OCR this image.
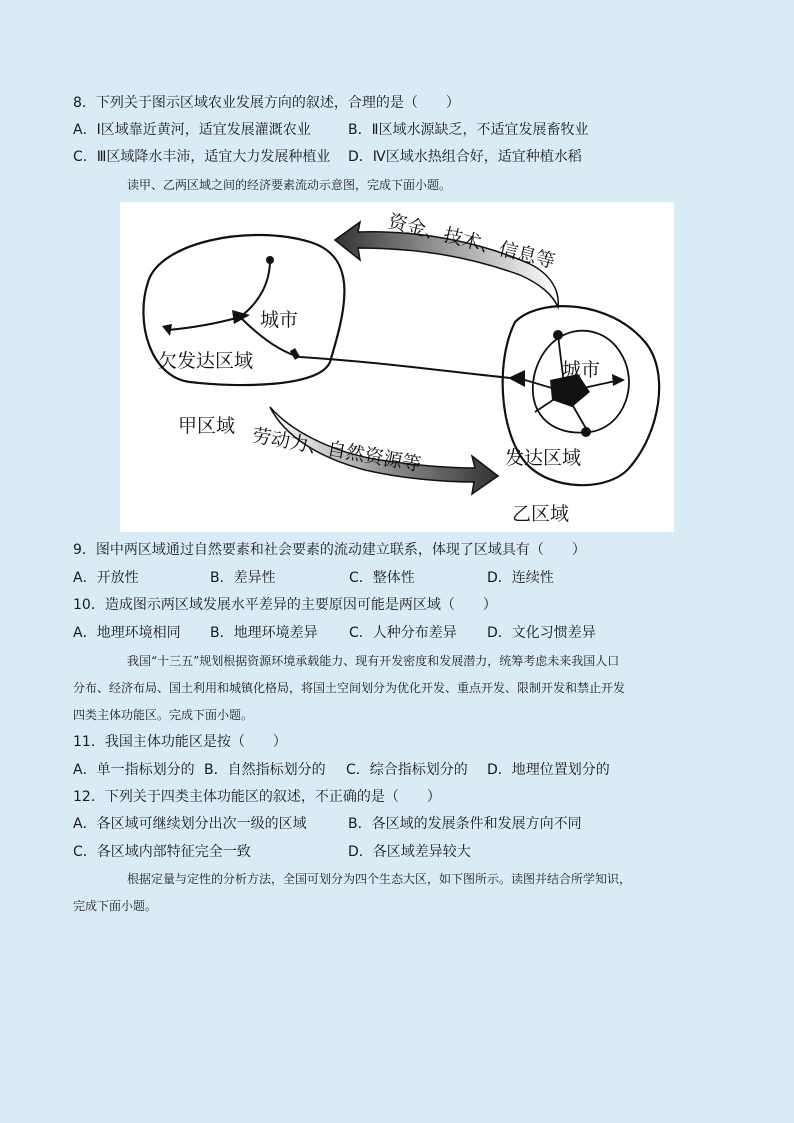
8．下列关于图示区域农业发展方向的叙述，合理的是（　　）
A．Ⅰ区域靠近黄河，适宜发展灌溉农业	B．Ⅱ区域水源缺乏，不适宜发展畜牧业
C．Ⅲ区域降水丰沛，适宜大力发展种植业 D．Ⅳ区域水热组合好，适宜种植水稻
读甲、乙两区域之间的经济要素流动示意图，完成下面小题。
资金、技术、信息等
劳动力、自然资源等
城市
城市
欠发达区域
发达区域
甲区域
乙区域
9．图中两区域通过自然要素和社会要素的流动建立联系，体现了区域具有（　　）
A．开放性	B．差异性	C．整体性	D．连续性
10．造成图示两区域发展水平差异的主要原因可能是两区域（　　）
A．地理环境相同 B．地理环境差异 C．人种分布差异 D．文化习惯差异
我国“十三五”规划根据资源环境承载能力、现有开发密度和发展潜力，统筹考虑未来我国人口
分布、经济布局、国土利用和城镇化格局，将国土空间划分为优化开发、重点开发、限制开发和禁止开发
四类主体功能区。完成下面小题。
11．我国主体功能区是按（　　）
A．单一指标划分的 B．自然指标划分的 C．综合指标划分的 D．地理位置划分的
12．下列关于四类主体功能区的叙述，不正确的是（　　）
A．各区域可继续划分出次一级的区域	B．各区域的发展条件和发展方向不同
C．各区域内部特征完全一致	D．各区域差异较大
根据定量与定性的分析方法，全国可划分为四个生态大区，如下图所示。读图并结合所学知识，
完成下面小题。
